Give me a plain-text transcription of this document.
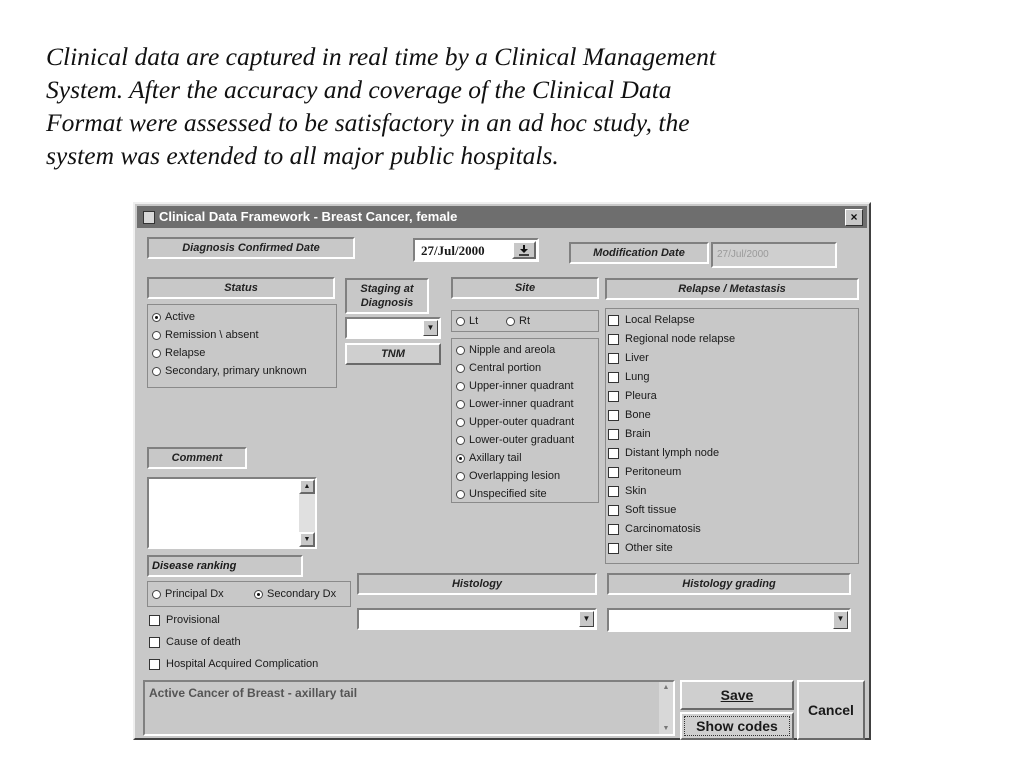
Clinical data are captured in real time by a Clinical Management
System. After the accuracy and coverage of the Clinical Data
Format were assessed to be satisfactory in an ad hoc study, the
system was extended to all major public hospitals.

Clinical Data Framework - Breast Cancer, female	×
Diagnosis Confirmed Date	27/Jul/2000	Modification Date	27/Jul/2000
Status
Active
Remission \ absent
Relapse
Secondary, primary unknown
Staging at
Diagnosis
▼
TNM
Site
Lt	Rt
Nipple and areola
Central portion
Upper-inner quadrant
Lower-inner quadrant
Upper-outer quadrant
Lower-outer graduant
Axillary tail
Overlapping lesion
Unspecified site
Relapse / Metastasis
Local Relapse
Regional node relapse
Liver
Lung
Pleura
Bone
Brain
Distant lymph node
Peritoneum
Skin
Soft tissue
Carcinomatosis
Other site
Comment
▲
▼
Disease ranking
Principal Dx	Secondary Dx
Provisional
Cause of death
Hospital Acquired Complication
Histology
▼
Histology grading
▼
Active Cancer of Breast - axillary tail	▲
▼
Save
Show codes
Cancel
